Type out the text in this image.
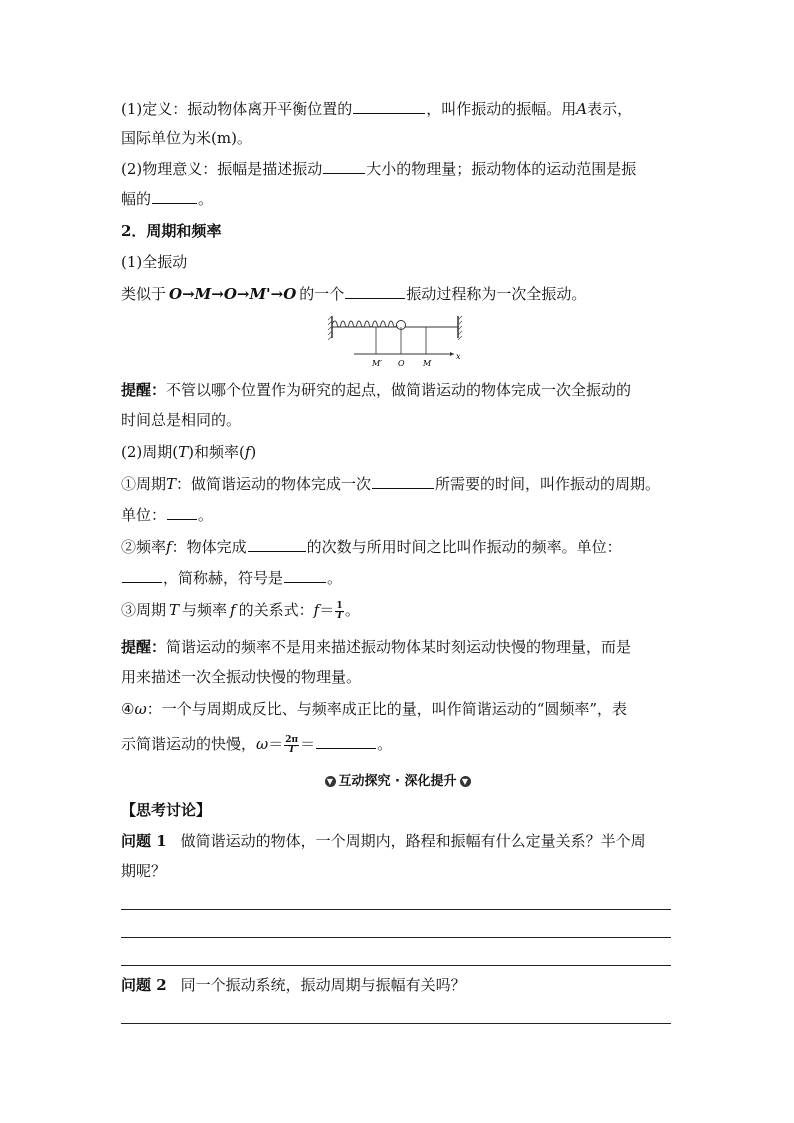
(1)定义：振动物体离开平衡位置的	，叫作振动的振幅。用A表示，
国际单位为米(m)。
(2)物理意义：振幅是描述振动	大小的物理量；振动物体的运动范围是振
幅的	。
2．周期和频率
(1)全振动
类似于 O→M→O→M'→O 的一个	振动过程称为一次全振动。
M′ O M
x
提醒：不管以哪个位置作为研究的起点，做简谐运动的物体完成一次全振动的
时间总是相同的。
(2)周期(T)和频率(f)
①周期T：做简谐运动的物体完成一次	所需要的时间，叫作振动的周期。
单位： 。
②频率f：物体完成	的次数与所用时间之比叫作振动的频率。单位：
，简称赫，符号是	。
③周期 T 与频率 f 的关系式：$f= \frac{1}{T}$ 。
提醒：简谐运动的频率不是用来描述振动物体某时刻运动快慢的物理量，而是
用来描述一次全振动快慢的物理量。
④ω：一个与周期成反比、与频率成正比的量，叫作简谐运动的“圆频率”，表
示简谐运动的快慢，$\omega= \frac{2\pi}{T}$ ＝	。
▼ 互动探究 · 深化提升 ▼
【思考讨论】
问题 1 做简谐运动的物体，一个周期内，路程和振幅有什么定量关系？半个周
期呢？
问题 2 同一个振动系统，振动周期与振幅有关吗？
